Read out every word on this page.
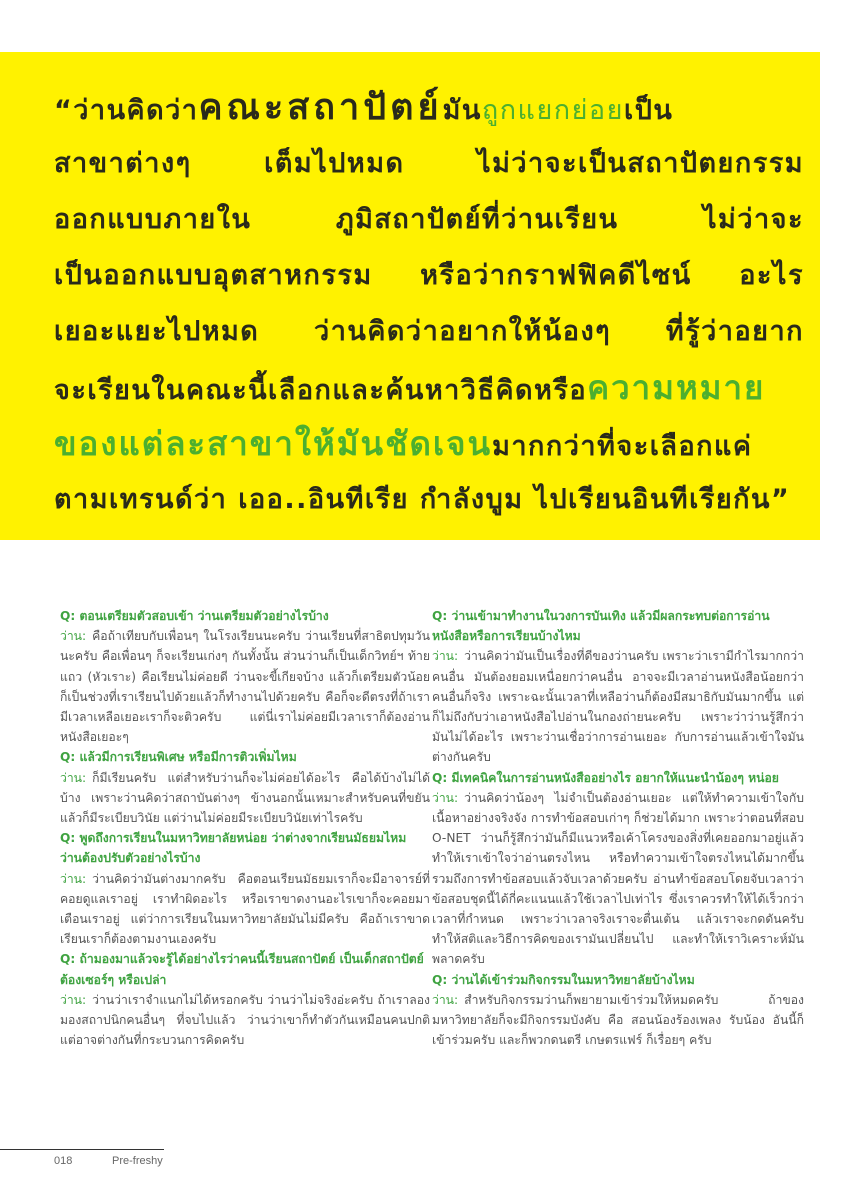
“ว่านคิดว่าคณะสถาปัตย์มันถูกแยกย่อยเป็น
สาขาต่างๆ เต็มไปหมด ไม่ว่าจะเป็นสถาปัตยกรรม
ออกแบบภายใน ภูมิสถาปัตย์ที่ว่านเรียน ไม่ว่าจะ
เป็นออกแบบอุตสาหกรรม หรือว่ากราฟฟิคดีไซน์ อะไร
เยอะแยะไปหมด ว่านคิดว่าอยากให้น้องๆ ที่รู้ว่าอยาก
จะเรียนในคณะนี้เลือกและค้นหาวิธีคิดหรือความหมาย
ของแต่ละสาขาให้มันชัดเจนมากกว่าที่จะเลือกแค่
ตามเทรนด์ว่า เออ..อินทีเรีย กำลังบูม ไปเรียนอินทีเรียกัน”
Q: ตอนเตรียมตัวสอบเข้า ว่านเตรียมตัวอย่างไรบ้าง
ว่าน: คือถ้าเทียบกับเพื่อนๆ ในโรงเรียนนะครับ ว่านเรียนที่สาธิตปทุมวันนะครับ คือเพื่อนๆ ก็จะเรียนเก่งๆ กันทั้งนั้น ส่วนว่านก็เป็นเด็กวิทย์ฯ ท้ายแถว (หัวเราะ) คือเรียนไม่ค่อยดี ว่านจะขี้เกียจบ้าง แล้วก็เตรียมตัวน้อย ก็เป็นช่วงที่เราเรียนไปด้วยแล้วก็ทำงานไปด้วยครับ คือก็จะดีตรงที่ถ้าเรามีเวลาเหลือเยอะเราก็จะติวครับ แต่นี่เราไม่ค่อยมีเวลาเราก็ต้องอ่านหนังสือเยอะๆ
Q: แล้วมีการเรียนพิเศษ หรือมีการติวเพิ่มไหม
ว่าน: ก็มีเรียนครับ แต่สำหรับว่านก็จะไม่ค่อยได้อะไร คือได้บ้างไม่ได้บ้าง เพราะว่านคิดว่าสถาบันต่างๆ ข้างนอกนั้นเหมาะสำหรับคนที่ขยันแล้วก็มีระเบียบวินัย แต่ว่านไม่ค่อยมีระเบียบวินัยเท่าไรครับ
Q: พูดถึงการเรียนในมหาวิทยาลัยหน่อย ว่าต่างจากเรียนมัธยมไหม ว่านต้องปรับตัวอย่างไรบ้าง
ว่าน: ว่านคิดว่ามันต่างมากครับ คือตอนเรียนมัธยมเราก็จะมีอาจารย์ที่คอยดูแลเราอยู่ เราทำผิดอะไร หรือเราขาดงานอะไรเขาก็จะคอยมาเตือนเราอยู่ แต่ว่าการเรียนในมหาวิทยาลัยมันไม่มีครับ คือถ้าเราขาดเรียนเราก็ต้องตามงานเองครับ
Q: ถ้ามองมาแล้วจะรู้ได้อย่างไรว่าคนนี้เรียนสถาปัตย์ เป็นเด็กสถาปัตย์ต้องเซอร์ๆ หรือเปล่า
ว่าน: ว่านว่าเราจำแนกไม่ได้หรอกครับ ว่านว่าไม่จริงอ่ะครับ ถ้าเราลองมองสถาปนิกคนอื่นๆ ที่จบไปแล้ว ว่านว่าเขาก็ทำตัวกันเหมือนคนปกติ แต่อาจต่างกันที่กระบวนการคิดครับ
Q: ว่านเข้ามาทำงานในวงการบันเทิง แล้วมีผลกระทบต่อการอ่านหนังสือหรือการเรียนบ้างไหม
ว่าน: ว่านคิดว่ามันเป็นเรื่องที่ดีของว่านครับ เพราะว่าเรามีกำไรมากกว่าคนอื่น มันต้องยอมเหนื่อยกว่าคนอื่น อาจจะมีเวลาอ่านหนังสือน้อยกว่าคนอื่นก็จริง เพราะฉะนั้นเวลาที่เหลือว่านก็ต้องมีสมาธิกับมันมากขึ้น แต่ก็ไม่ถึงกับว่าเอาหนังสือไปอ่านในกองถ่ายนะครับ เพราะว่าว่านรู้สึกว่ามันไม่ได้อะไร เพราะว่านเชื่อว่าการอ่านเยอะ กับการอ่านแล้วเข้าใจมันต่างกันครับ
Q: มีเทคนิคในการอ่านหนังสืออย่างไร อยากให้แนะนำน้องๆ หน่อย
ว่าน: ว่านคิดว่าน้องๆ ไม่จำเป็นต้องอ่านเยอะ แต่ให้ทำความเข้าใจกับเนื้อหาอย่างจริงจัง การทำข้อสอบเก่าๆ ก็ช่วยได้มาก เพราะว่าตอนที่สอบ O-NET ว่านก็รู้สึกว่ามันก็มีแนวหรือเค้าโครงของสิ่งที่เคยออกมาอยู่แล้ว ทำให้เราเข้าใจว่าอ่านตรงไหน หรือทำความเข้าใจตรงไหนได้มากขึ้น รวมถึงการทำข้อสอบแล้วจับเวลาด้วยครับ อ่านทำข้อสอบโดยจับเวลาว่าข้อสอบชุดนี้ได้กี่คะแนนแล้วใช้เวลาไปเท่าไร ซึ่งเราควรทำให้ได้เร็วกว่าเวลาที่กำหนด เพราะว่าเวลาจริงเราจะตื่นเต้น แล้วเราจะกดดันครับ ทำให้สติและวิธีการคิดของเรามันเปลี่ยนไป และทำให้เราวิเคราะห์มันพลาดครับ
Q: ว่านได้เข้าร่วมกิจกรรมในมหาวิทยาลัยบ้างไหม
ว่าน: สำหรับกิจกรรมว่านก็พยายามเข้าร่วมให้หมดครับ ถ้าของมหาวิทยาลัยก็จะมีกิจกรรมบังคับ คือ สอนน้องร้องเพลง รับน้อง อันนี้ก็เข้าร่วมครับ และก็พวกดนตรี เกษตรแฟร์ ก็เรื่อยๆ ครับ
018	Pre-freshy
